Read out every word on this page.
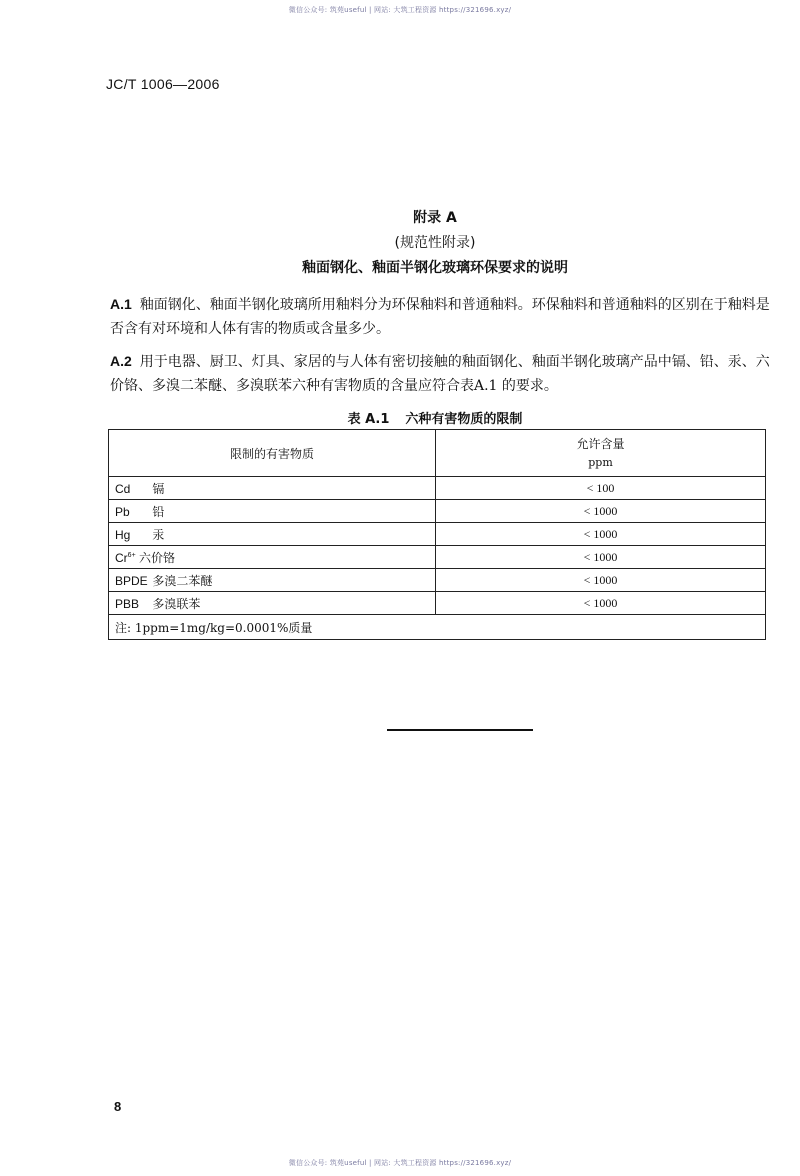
微信公众号: 筑苑useful | 网站: 大筑工程资源 https://321696.xyz/
JC/T 1006—2006
附录 A
(规范性附录)
釉面钢化、釉面半钢化玻璃环保要求的说明
A.1 釉面钢化、釉面半钢化玻璃所用釉料分为环保釉料和普通釉料。环保釉料和普通釉料的区别在于釉料是否含有对环境和人体有害的物质或含量多少。
A.2 用于电器、厨卫、灯具、家居的与人体有密切接触的釉面钢化、釉面半钢化玻璃产品中镉、铅、汞、六价铬、多溴二苯醚、多溴联苯六种有害物质的含量应符合表A.1 的要求。
表 A.1 六种有害物质的限制
限制的有害物质	允许含量
ppm

Cd 镉	< 100
Pb 铅	< 1000
Hg 汞	< 1000
$Cr^{6+}$ 六价铬	< 1000
BPDE 多溴二苯醚	< 1000
PBB 多溴联苯	< 1000
注: 1ppm=1mg/kg=0.0001%质量	
8
微信公众号: 筑苑useful | 网站: 大筑工程资源 https://321696.xyz/
